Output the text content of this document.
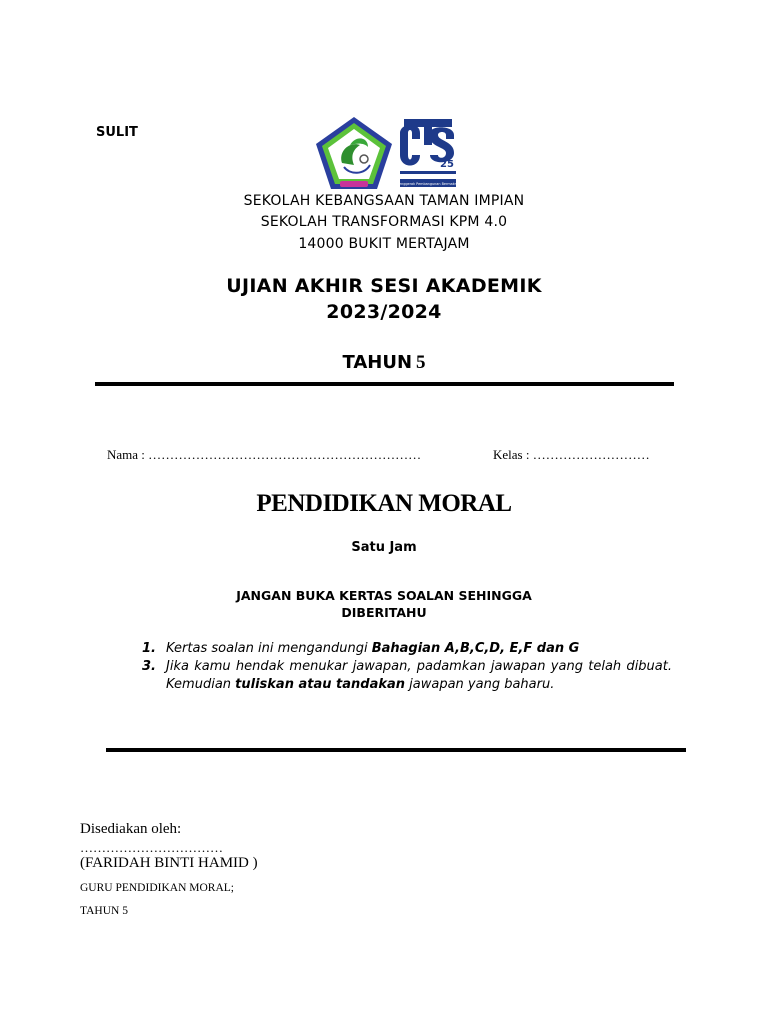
SULIT
25
Penggerak Pembangunan Bermakna
SEKOLAH KEBANGSAAN TAMAN IMPIAN
SEKOLAH TRANSFORMASI KPM 4.0
14000 BUKIT MERTAJAM
UJIAN AKHIR SESI AKADEMIK
2023/2024
TAHUN 5
Nama : ………………………………………………………	Kelas : ………………………
PENDIDIKAN MORAL
Satu Jam
JANGAN BUKA KERTAS SOALAN SEHINGGA
DIBERITAHU
1. Kertas soalan ini mengandungi Bahagian A,B,C,D, E,F dan G
3. Jika kamu hendak menukar jawapan, padamkan jawapan yang telah dibuat. Kemudian tuliskan atau tandakan jawapan yang baharu.
Disediakan oleh:
……………………………
(FARIDAH BINTI HAMID )
GURU PENDIDIKAN MORAL;
TAHUN 5
